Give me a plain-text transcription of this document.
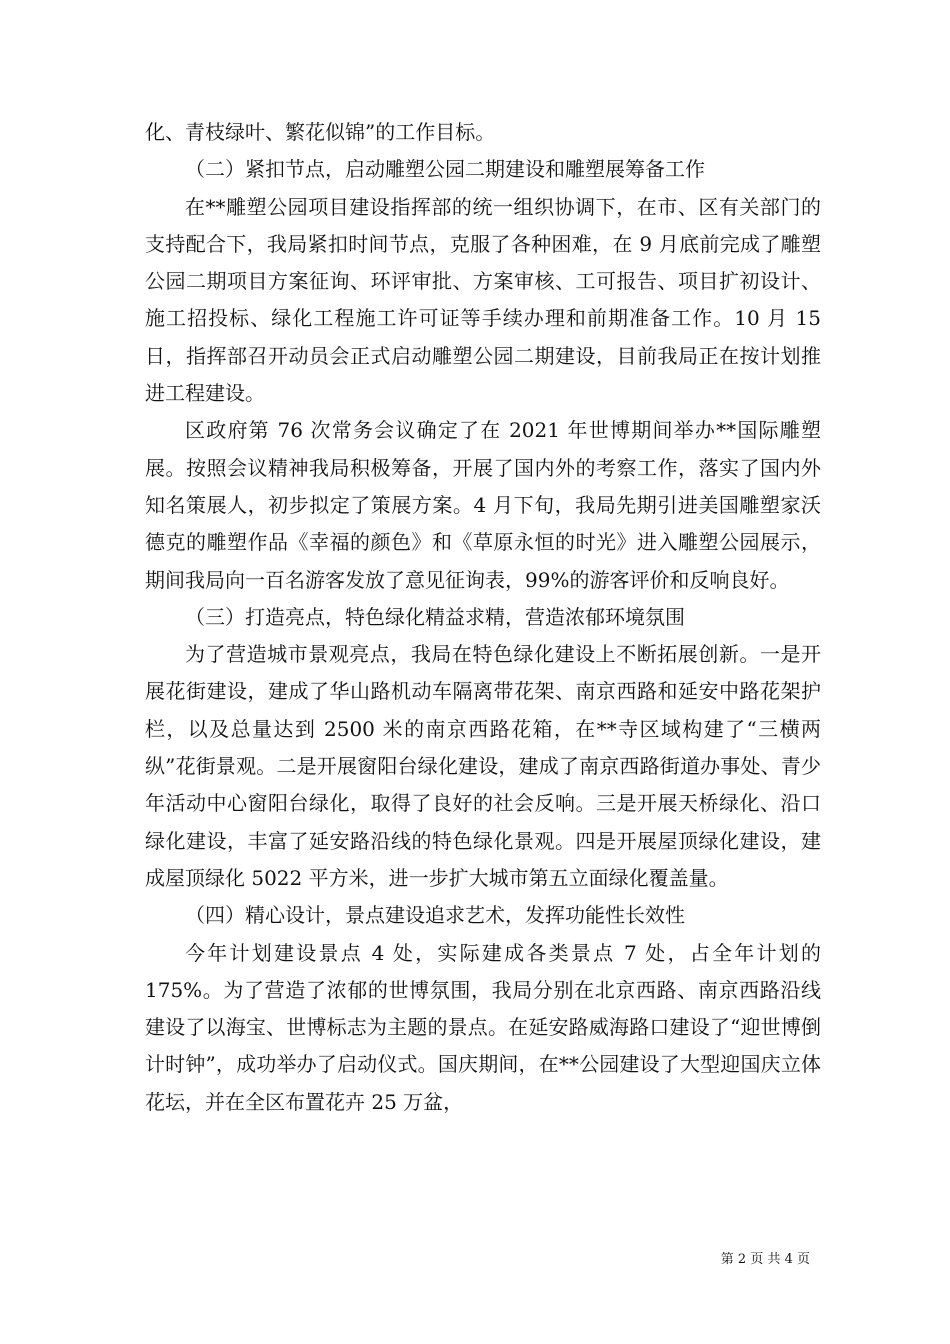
化、青枝绿叶、繁花似锦”的工作目标。

（二）紧扣节点，启动雕塑公园二期建设和雕塑展筹备工作

在**雕塑公园项目建设指挥部的统一组织协调下，在市、区有关部门的支持配合下，我局紧扣时间节点，克服了各种困难，在 9 月底前完成了雕塑公园二期项目方案征询、环评审批、方案审核、工可报告、项目扩初设计、施工招投标、绿化工程施工许可证等手续办理和前期准备工作。10 月 15 日，指挥部召开动员会正式启动雕塑公园二期建设，目前我局正在按计划推进工程建设。

区政府第 76 次常务会议确定了在 2021 年世博期间举办**国际雕塑展。按照会议精神我局积极筹备，开展了国内外的考察工作，落实了国内外知名策展人，初步拟定了策展方案。4 月下旬，我局先期引进美国雕塑家沃德克的雕塑作品《幸福的颜色》和《草原永恒的时光》进入雕塑公园展示，期间我局向一百名游客发放了意见征询表，99%的游客评价和反响良好。

（三）打造亮点，特色绿化精益求精，营造浓郁环境氛围

为了营造城市景观亮点，我局在特色绿化建设上不断拓展创新。一是开展花街建设，建成了华山路机动车隔离带花架、南京西路和延安中路花架护栏，以及总量达到 2500 米的南京西路花箱，在**寺区域构建了“三横两纵”花街景观。二是开展窗阳台绿化建设，建成了南京西路街道办事处、青少年活动中心窗阳台绿化，取得了良好的社会反响。三是开展天桥绿化、沿口绿化建设，丰富了延安路沿线的特色绿化景观。四是开展屋顶绿化建设，建成屋顶绿化 5022 平方米，进一步扩大城市第五立面绿化覆盖量。

（四）精心设计，景点建设追求艺术，发挥功能性长效性

今年计划建设景点 4 处，实际建成各类景点 7 处，占全年计划的 175%。为了营造了浓郁的世博氛围，我局分别在北京西路、南京西路沿线建设了以海宝、世博标志为主题的景点。在延安路威海路口建设了“迎世博倒计时钟”，成功举办了启动仪式。国庆期间，在**公园建设了大型迎国庆立体花坛，并在全区布置花卉 25 万盆，

第 2 页 共 4 页
